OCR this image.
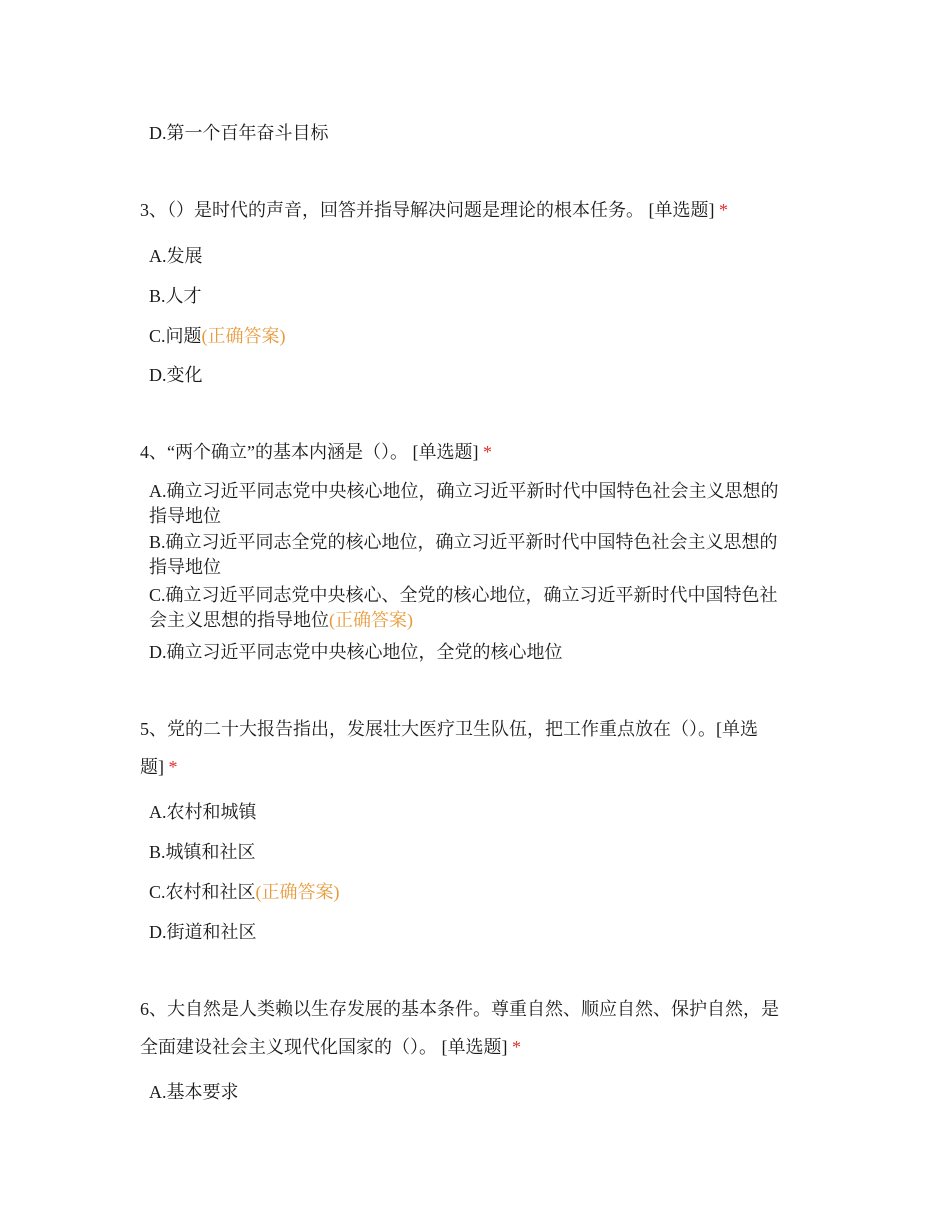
D.第一个百年奋斗目标
3、（）是时代的声音，回答并指导解决问题是理论的根本任务。 [单选题] *
A.发展
B.人才
C.问题(正确答案)
D.变化
4、“两个确立”的基本内涵是（）。 [单选题] *
A.确立习近平同志党中央核心地位，确立习近平新时代中国特色社会主义思想的
指导地位
B.确立习近平同志全党的核心地位，确立习近平新时代中国特色社会主义思想的
指导地位
C.确立习近平同志党中央核心、全党的核心地位，确立习近平新时代中国特色社
会主义思想的指导地位(正确答案)
D.确立习近平同志党中央核心地位，全党的核心地位
5、党的二十大报告指出，发展壮大医疗卫生队伍，把工作重点放在（）。[单选
题] *
A.农村和城镇
B.城镇和社区
C.农村和社区(正确答案)
D.街道和社区
6、大自然是人类赖以生存发展的基本条件。尊重自然、顺应自然、保护自然，是
全面建设社会主义现代化国家的（）。 [单选题] *
A.基本要求
